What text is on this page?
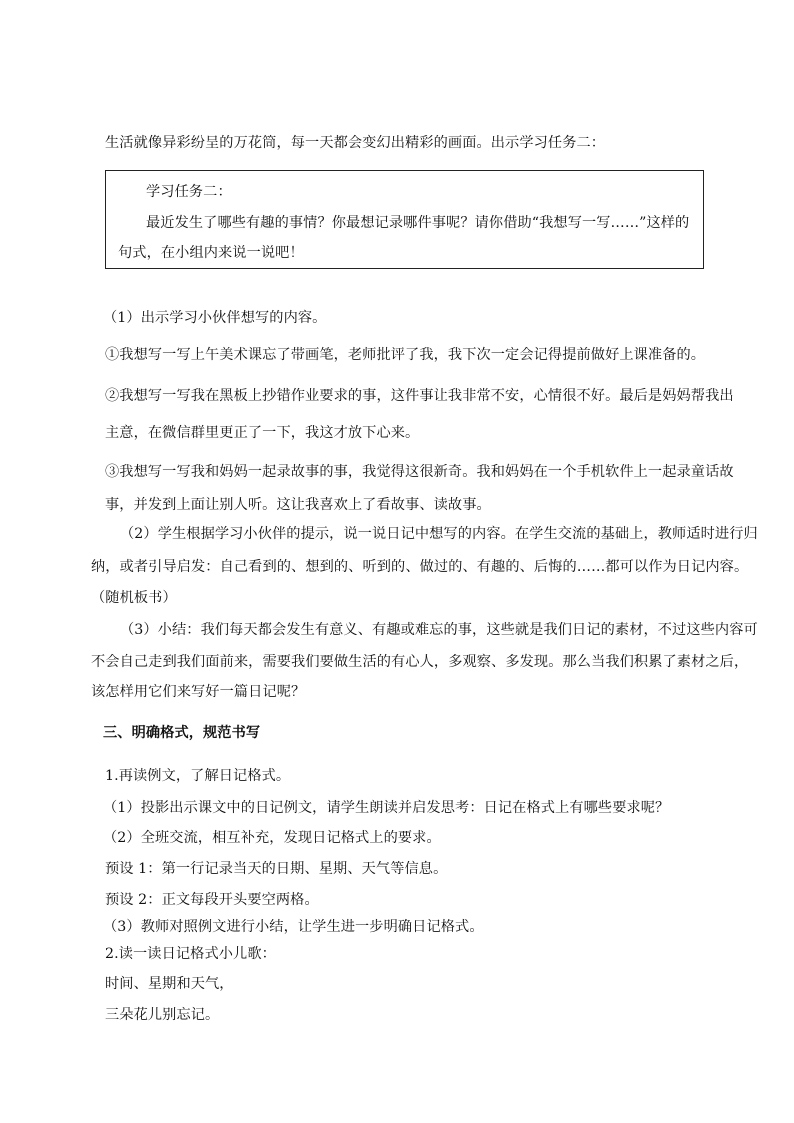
生活就像异彩纷呈的万花筒，每一天都会变幻出精彩的画面。出示学习任务二：
学习任务二：
最近发生了哪些有趣的事情？你最想记录哪件事呢？请你借助“我想写一写……”这样的
句式，在小组内来说一说吧！
（1）出示学习小伙伴想写的内容。
①我想写一写上午美术课忘了带画笔，老师批评了我，我下次一定会记得提前做好上课准备的。
②我想写一写我在黑板上抄错作业要求的事，这件事让我非常不安，心情很不好。最后是妈妈帮我出
主意，在微信群里更正了一下，我这才放下心来。
③我想写一写我和妈妈一起录故事的事，我觉得这很新奇。我和妈妈在一个手机软件上一起录童话故
事，并发到上面让别人听。这让我喜欢上了看故事、读故事。
（2）学生根据学习小伙伴的提示，说一说日记中想写的内容。在学生交流的基础上，教师适时进行归
纳，或者引导启发：自己看到的、想到的、听到的、做过的、有趣的、后悔的……都可以作为日记内容。
（随机板书）
（3）小结：我们每天都会发生有意义、有趣或难忘的事，这些就是我们日记的素材，不过这些内容可
不会自己走到我们面前来，需要我们要做生活的有心人，多观察、多发现。那么当我们积累了素材之后，
该怎样用它们来写好一篇日记呢？
三、明确格式，规范书写
1.再读例文，了解日记格式。
（1）投影出示课文中的日记例文，请学生朗读并启发思考：日记在格式上有哪些要求呢？
（2）全班交流，相互补充，发现日记格式上的要求。
预设 1：第一行记录当天的日期、星期、天气等信息。
预设 2：正文每段开头要空两格。
（3）教师对照例文进行小结，让学生进一步明确日记格式。
2.读一读日记格式小儿歌：
时间、星期和天气，
三朵花儿别忘记。
